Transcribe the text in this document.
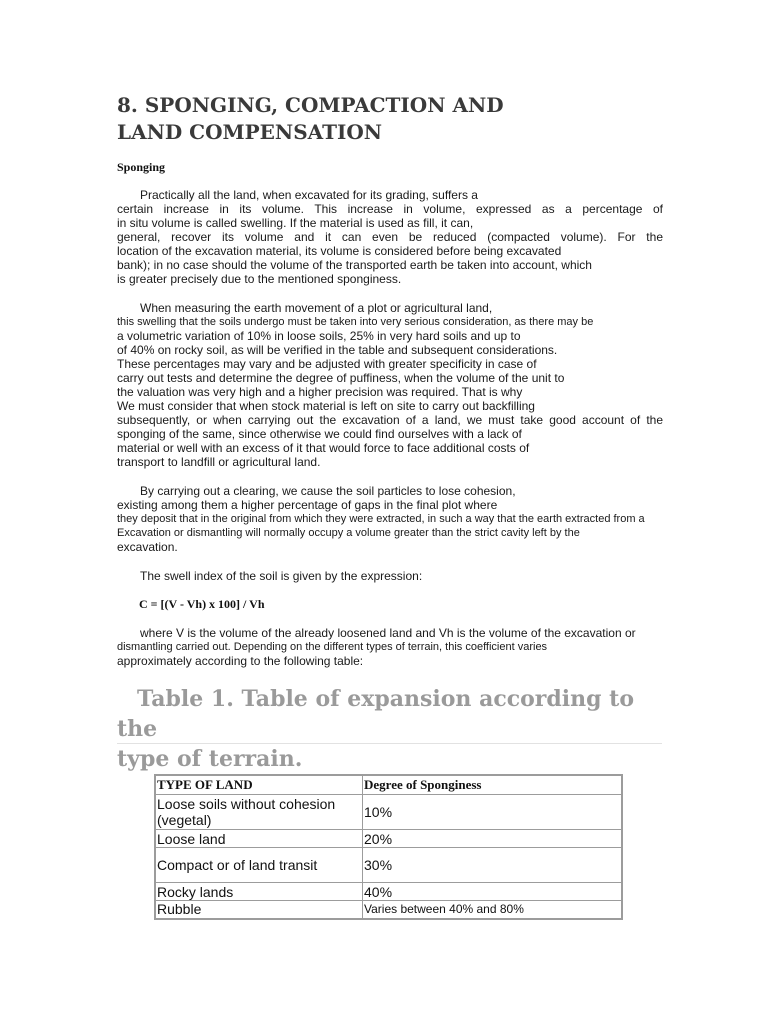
8. SPONGING, COMPACTION AND
LAND COMPENSATION

Sponging

Practically all the land, when excavated for its grading, suffers a
certain increase in its volume. This increase in volume, expressed as a percentage of
in situ volume is called swelling. If the material is used as fill, it can,
general, recover its volume and it can even be reduced (compacted volume). For the
location of the excavation material, its volume is considered before being excavated
bank); in no case should the volume of the transported earth be taken into account, which
is greater precisely due to the mentioned sponginess.
When measuring the earth movement of a plot or agricultural land,
this swelling that the soils undergo must be taken into very serious consideration, as there may be
a volumetric variation of 10% in loose soils, 25% in very hard soils and up to
of 40% on rocky soil, as will be verified in the table and subsequent considerations.
These percentages may vary and be adjusted with greater specificity in case of
carry out tests and determine the degree of puffiness, when the volume of the unit to
the valuation was very high and a higher precision was required. That is why
We must consider that when stock material is left on site to carry out backfilling
subsequently, or when carrying out the excavation of a land, we must take good account of the
sponging of the same, since otherwise we could find ourselves with a lack of
material or well with an excess of it that would force to face additional costs of
transport to landfill or agricultural land.
By carrying out a clearing, we cause the soil particles to lose cohesion,
existing among them a higher percentage of gaps in the final plot where
they deposit that in the original from which they were extracted, in such a way that the earth extracted from a
Excavation or dismantling will normally occupy a volume greater than the strict cavity left by the
excavation.
The swell index of the soil is given by the expression:

C = [(V - Vh) x 100] / Vh

where V is the volume of the already loosened land and Vh is the volume of the excavation or
dismantling carried out. Depending on the different types of terrain, this coefficient varies
approximately according to the following table:
Table 1. Table of expansion according to the
type of terrain.
TYPE OF LAND	Degree of Sponginess
Loose soils without cohesion (vegetal)	10%
Loose land	20%
Compact or of land transit	30%
Rocky lands	40%
Rubble	Varies between 40% and 80%
